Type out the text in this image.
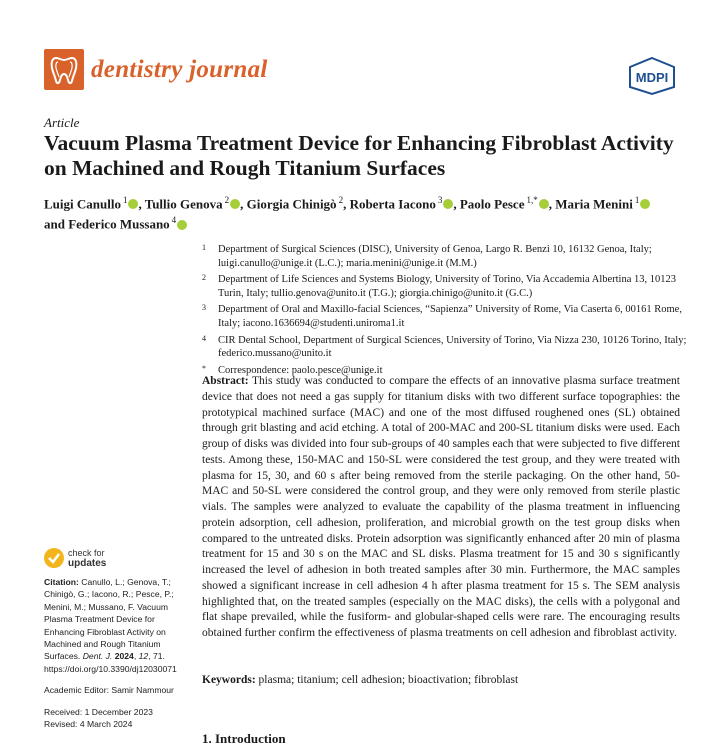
dentistry journal	MDPI
Article
Vacuum Plasma Treatment Device for Enhancing Fibroblast Activity on Machined and Rough Titanium Surfaces
Luigi Canullo $^1$ , Tullio Genova $^2$ , Giorgia Chinigò $^2$, Roberta Iacono $^3$ , Paolo Pesce $^{1,*}$ , Maria Menini $^1$
and Federico Mussano $^4$
1 Department of Surgical Sciences (DISC), University of Genoa, Largo R. Benzi 10, 16132 Genoa, Italy; luigi.canullo@unige.it (L.C.); maria.menini@unige.it (M.M.)
2 Department of Life Sciences and Systems Biology, University of Torino, Via Accademia Albertina 13, 10123 Turin, Italy; tullio.genova@unito.it (T.G.); giorgia.chinigo@unito.it (G.C.)
3 Department of Oral and Maxillo-facial Sciences, “Sapienza” University of Rome, Via Caserta 6, 00161 Rome, Italy; iacono.1636694@studenti.uniroma1.it
4 CIR Dental School, Department of Surgical Sciences, University of Torino, Via Nizza 230, 10126 Torino, Italy; federico.mussano@unito.it
* Correspondence: paolo.pesce@unige.it
Abstract: This study was conducted to compare the effects of an innovative plasma surface treatment device that does not need a gas supply for titanium disks with two different surface topographies: the prototypical machined surface (MAC) and one of the most diffused roughened ones (SL) obtained through grit blasting and acid etching. A total of 200-MAC and 200-SL titanium disks were used. Each group of disks was divided into four sub-groups of 40 samples each that were subjected to five different tests. Among these, 150-MAC and 150-SL were considered the test group, and they were treated with plasma for 15, 30, and 60 s after being removed from the sterile packaging. On the other hand, 50-MAC and 50-SL were considered the control group, and they were only removed from sterile plastic vials. The samples were analyzed to evaluate the capability of the plasma treatment in influencing protein adsorption, cell adhesion, proliferation, and microbial growth on the test group disks when compared to the untreated disks. Protein adsorption was significantly enhanced after 20 min of plasma treatment for 15 and 30 s on the MAC and SL disks. Plasma treatment for 15 and 30 s significantly increased the level of adhesion in both treated samples after 30 min. Furthermore, the MAC samples showed a significant increase in cell adhesion 4 h after plasma treatment for 15 s. The SEM analysis highlighted that, on the treated samples (especially on the MAC disks), the cells with a polygonal and flat shape prevailed, while the fusiform- and globular-shaped cells were rare. The encouraging results obtained further confirm the effectiveness of plasma treatments on cell adhesion and fibroblast activity.
Keywords: plasma; titanium; cell adhesion; bioactivation; fibroblast
1. Introduction
check for
updates

Citation: Canullo, L.; Genova, T.; Chinigò, G.; Iacono, R.; Pesce, P.; Menini, M.; Mussano, F. Vacuum Plasma Treatment Device for Enhancing Fibroblast Activity on Machined and Rough Titanium Surfaces. Dent. J. 2024, 12, 71. https://doi.org/10.3390/dj12030071

Academic Editor: Samir Nammour

Received: 1 December 2023
Revised: 4 March 2024
